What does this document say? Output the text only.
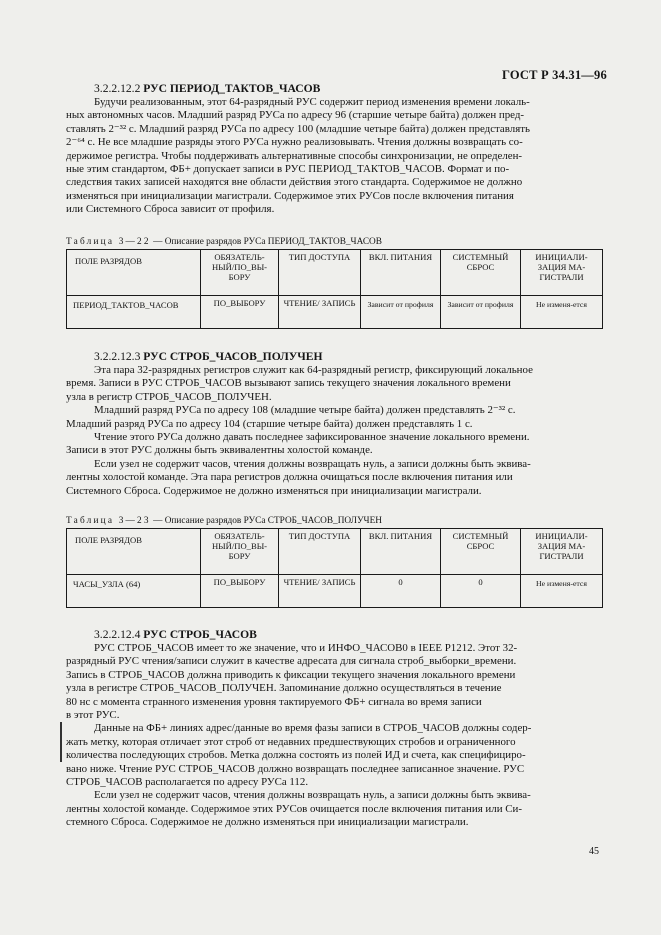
ГОСТ Р 34.31—96
3.2.2.12.2 РУС ПЕРИОД_ТАКТОВ_ЧАСОВ

Будучи реализованным, этот 64-разрядный РУС содержит период изменения времени локаль-

ных автономных часов. Младший разряд РУСа по адресу 96 (старшие четыре байта) должен пред-

ставлять 2⁻³² с. Младший разряд РУСа по адресу 100 (младшие четыре байта) должен представлять

2⁻⁶⁴ с. Не все младшие разряды этого РУСа нужно реализовывать. Чтения должны возвращать со-

держимое регистра. Чтобы поддерживать альтернативные способы синхронизации, не определен-

ные этим стандартом, ФБ+ допускает записи в РУС ПЕРИОД_ТАКТОВ_ЧАСОВ. Формат и по-

следствия таких записей находятся вне области действия этого стандарта. Содержимое не должно

изменяться при инициализации магистрали. Содержимое этих РУСов после включения питания

или Системного Сброса зависит от профиля.

Таблица 3—22 — Описание разрядов РУСа ПЕРИОД_ТАКТОВ_ЧАСОВ
ПОЛЕ РАЗРЯДОВ	ОБЯЗАТЕЛЬ-НЫЙ/ПО_ВЫ-БОРУ	ТИП ДОСТУПА	ВКЛ. ПИТАНИЯ	СИСТЕМНЫЙ СБРОС	ИНИЦИАЛИ-ЗАЦИЯ МА-ГИСТРАЛИ
ПЕРИОД_ТАКТОВ_ЧАСОВ	ПО_ВЫБОРУ	ЧТЕНИЕ/ ЗАПИСЬ	Зависит от профиля	Зависит от профиля	Не изменя-ется
3.2.2.12.3 РУС СТРОБ_ЧАСОВ_ПОЛУЧЕН

Эта пара 32-разрядных регистров служит как 64-разрядный регистр, фиксирующий локальное

время. Записи в РУС СТРОБ_ЧАСОВ вызывают запись текущего значения локального времени

узла в регистр СТРОБ_ЧАСОВ_ПОЛУЧЕН.

Младший разряд РУСа по адресу 108 (младшие четыре байта) должен представлять 2⁻³² с.

Младший разряд РУСа по адресу 104 (старшие четыре байта) должен представлять 1 с.

Чтение этого РУСа должно давать последнее зафиксированное значение локального времени.

Записи в этот РУС должны быть эквивалентны холостой команде.

Если узел не содержит часов, чтения должны возвращать нуль, а записи должны быть эквива-

лентны холостой команде. Эта пара регистров должна очищаться после включения питания или

Системного Сброса. Содержимое не должно изменяться при инициализации магистрали.

Таблица 3—23 — Описание разрядов РУСа СТРОБ_ЧАСОВ_ПОЛУЧЕН
ПОЛЕ РАЗРЯДОВ	ОБЯЗАТЕЛЬ-НЫЙ/ПО_ВЫ-БОРУ	ТИП ДОСТУПА	ВКЛ. ПИТАНИЯ	СИСТЕМНЫЙ СБРОС	ИНИЦИАЛИ-ЗАЦИЯ МА-ГИСТРАЛИ
ЧАСЫ_УЗЛА (64)	ПО_ВЫБОРУ	ЧТЕНИЕ/ ЗАПИСЬ	0	0	Не изменя-ется
3.2.2.12.4 РУС СТРОБ_ЧАСОВ

РУС СТРОБ_ЧАСОВ имеет то же значение, что и ИНФО_ЧАСОВ0 в IEEE P1212. Этот 32-

разрядный РУС чтения/записи служит в качестве адресата для сигнала строб_выборки_времени.

Запись в СТРОБ_ЧАСОВ должна приводить к фиксации текущего значения локального времени

узла в регистре СТРОБ_ЧАСОВ_ПОЛУЧЕН. Запоминание должно осуществляться в течение

80 нс с момента странного изменения уровня тактируемого ФБ+ сигнала во время записи

в этот РУС.

Данные на ФБ+ линиях адрес/данные во время фазы записи в СТРОБ_ЧАСОВ должны содер-

жать метку, которая отличает этот строб от недавних предшествующих стробов и ограниченного

количества последующих стробов. Метка должна состоять из полей ИД и счета, как специфициро-

вано ниже. Чтение РУС СТРОБ_ЧАСОВ должно возвращать последнее записанное значение. РУС

СТРОБ_ЧАСОВ располагается по адресу РУСа 112.

Если узел не содержит часов, чтения должны возвращать нуль, а записи должны быть эквива-

лентны холостой команде. Содержимое этих РУСов очищается после включения питания или Си-

стемного Сброса. Содержимое не должно изменяться при инициализации магистрали.

45
